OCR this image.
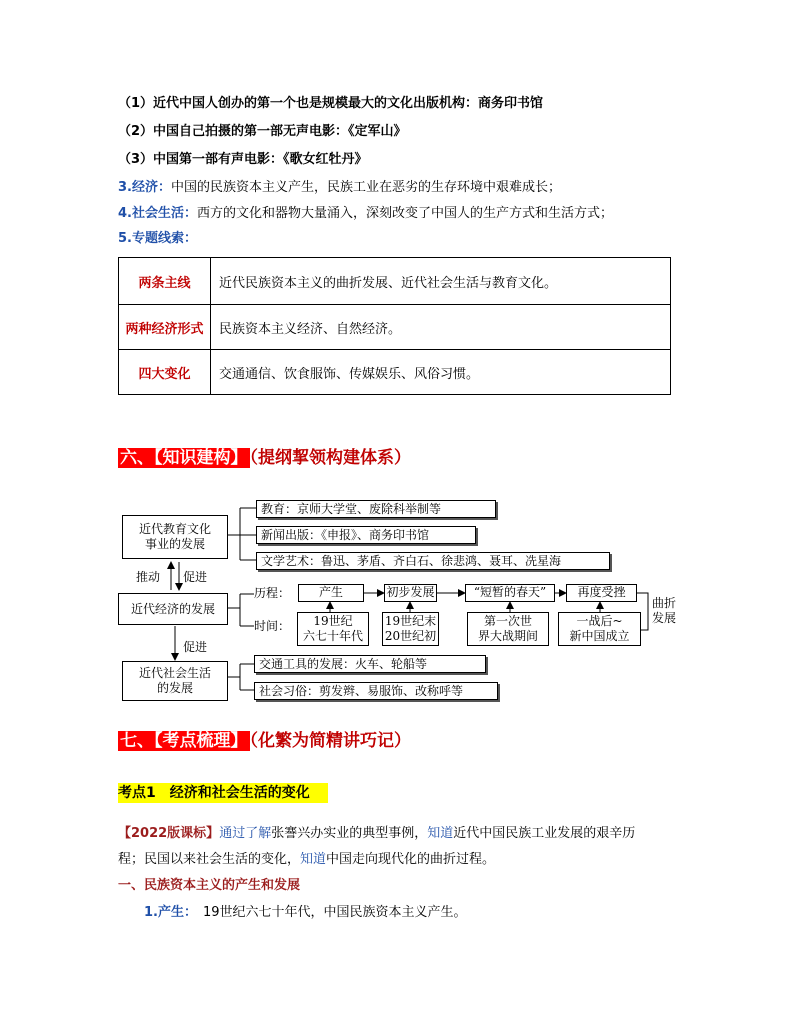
（1）近代中国人创办的第一个也是规模最大的文化出版机构：商务印书馆
（2）中国自己拍摄的第一部无声电影：《定军山》
（3）中国第一部有声电影：《歌女红牡丹》
3.经济：中国的民族资本主义产生，民族工业在恶劣的生存环境中艰难成长；
4.社会生活：西方的文化和器物大量涌入，深刻改变了中国人的生产方式和生活方式；
5.专题线索：
两条主线	近代民族资本主义的曲折发展、近代社会生活与教育文化。
两种经济形式	民族资本主义经济、自然经济。
四大变化	交通通信、饮食服饰、传媒娱乐、风俗习惯。
六、【知识建构】 （提纲挈领构建体系）
近代教育文化
事业的发展
近代经济的发展
近代社会生活
的发展
推动 促进
促进
教育：京师大学堂、废除科举制等
新闻出版：《申报》、商务印书馆
文学艺术：鲁迅、茅盾、齐白石、徐悲鸿、聂耳、冼星海
历程：
时间：
产生	初步发展	“短暂的春天”	再度受挫
19世纪
六七十年代
19世纪末
20世纪初
第一次世
界大战期间
一战后~
新中国成立
曲折
发展
交通工具的发展：火车、轮船等
社会习俗：剪发辫、易服饰、改称呼等
七、【考点梳理】 （化繁为简精讲巧记）
考点1　经济和社会生活的变化
【2022版课标】通过了解张謇兴办实业的典型事例，知道近代中国民族工业发展的艰辛历
程；民国以来社会生活的变化，知道中国走向现代化的曲折过程。
一、民族资本主义的产生和发展
1.产生： 19世纪六七十年代，中国民族资本主义产生。
